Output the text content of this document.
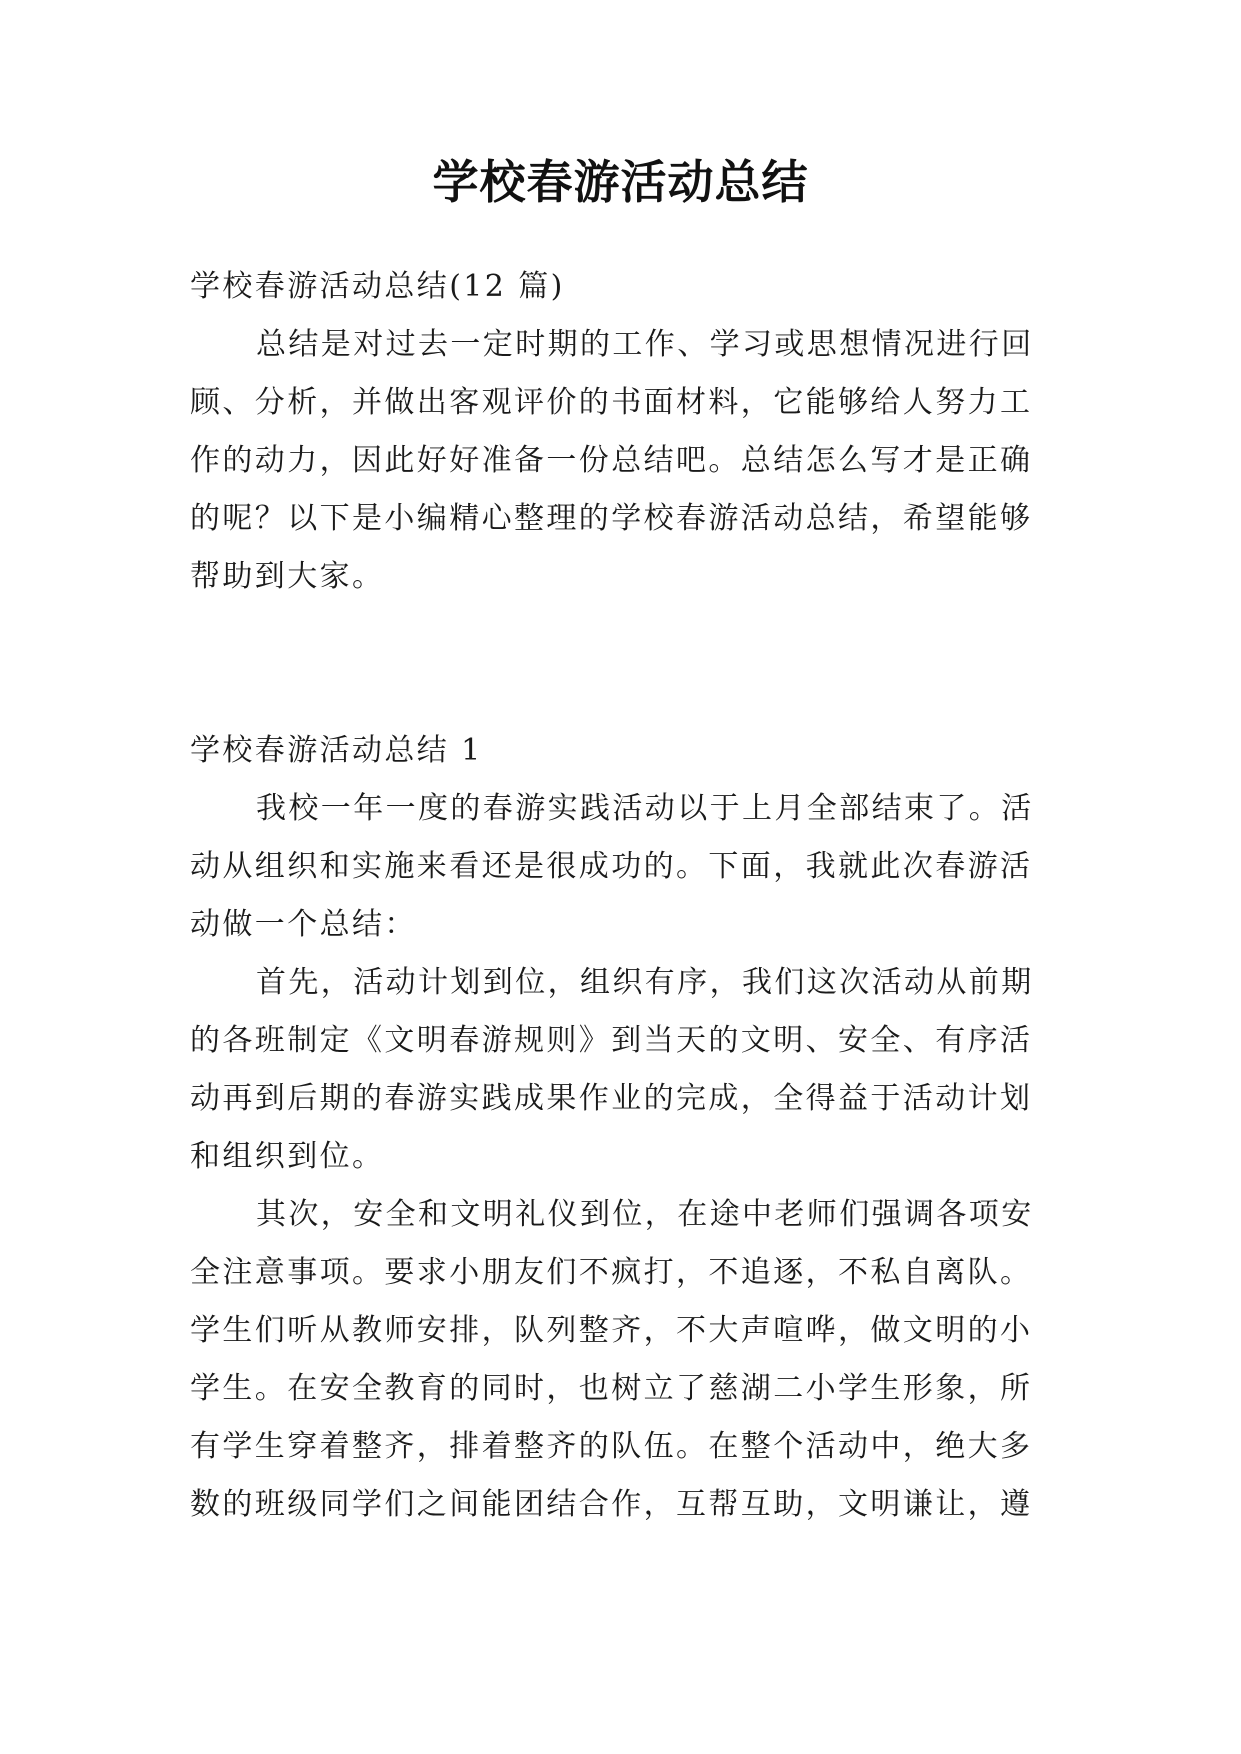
学校春游活动总结
学校春游活动总结(12 篇)
总结是对过去一定时期的工作、学习或思想情况进行回
顾、分析，并做出客观评价的书面材料，它能够给人努力工
作的动力，因此好好准备一份总结吧。总结怎么写才是正确
的呢？以下是小编精心整理的学校春游活动总结，希望能够
帮助到大家。
学校春游活动总结 1
我校一年一度的春游实践活动以于上月全部结束了。活
动从组织和实施来看还是很成功的。下面，我就此次春游活
动做一个总结：
首先，活动计划到位，组织有序，我们这次活动从前期
的各班制定《文明春游规则》到当天的文明、安全、有序活
动再到后期的春游实践成果作业的完成，全得益于活动计划
和组织到位。
其次，安全和文明礼仪到位，在途中老师们强调各项安
全注意事项。要求小朋友们不疯打，不追逐，不私自离队。
学生们听从教师安排，队列整齐，不大声喧哗，做文明的小
学生。在安全教育的同时，也树立了慈湖二小学生形象，所
有学生穿着整齐，排着整齐的队伍。在整个活动中，绝大多
数的班级同学们之间能团结合作，互帮互助，文明谦让，遵
